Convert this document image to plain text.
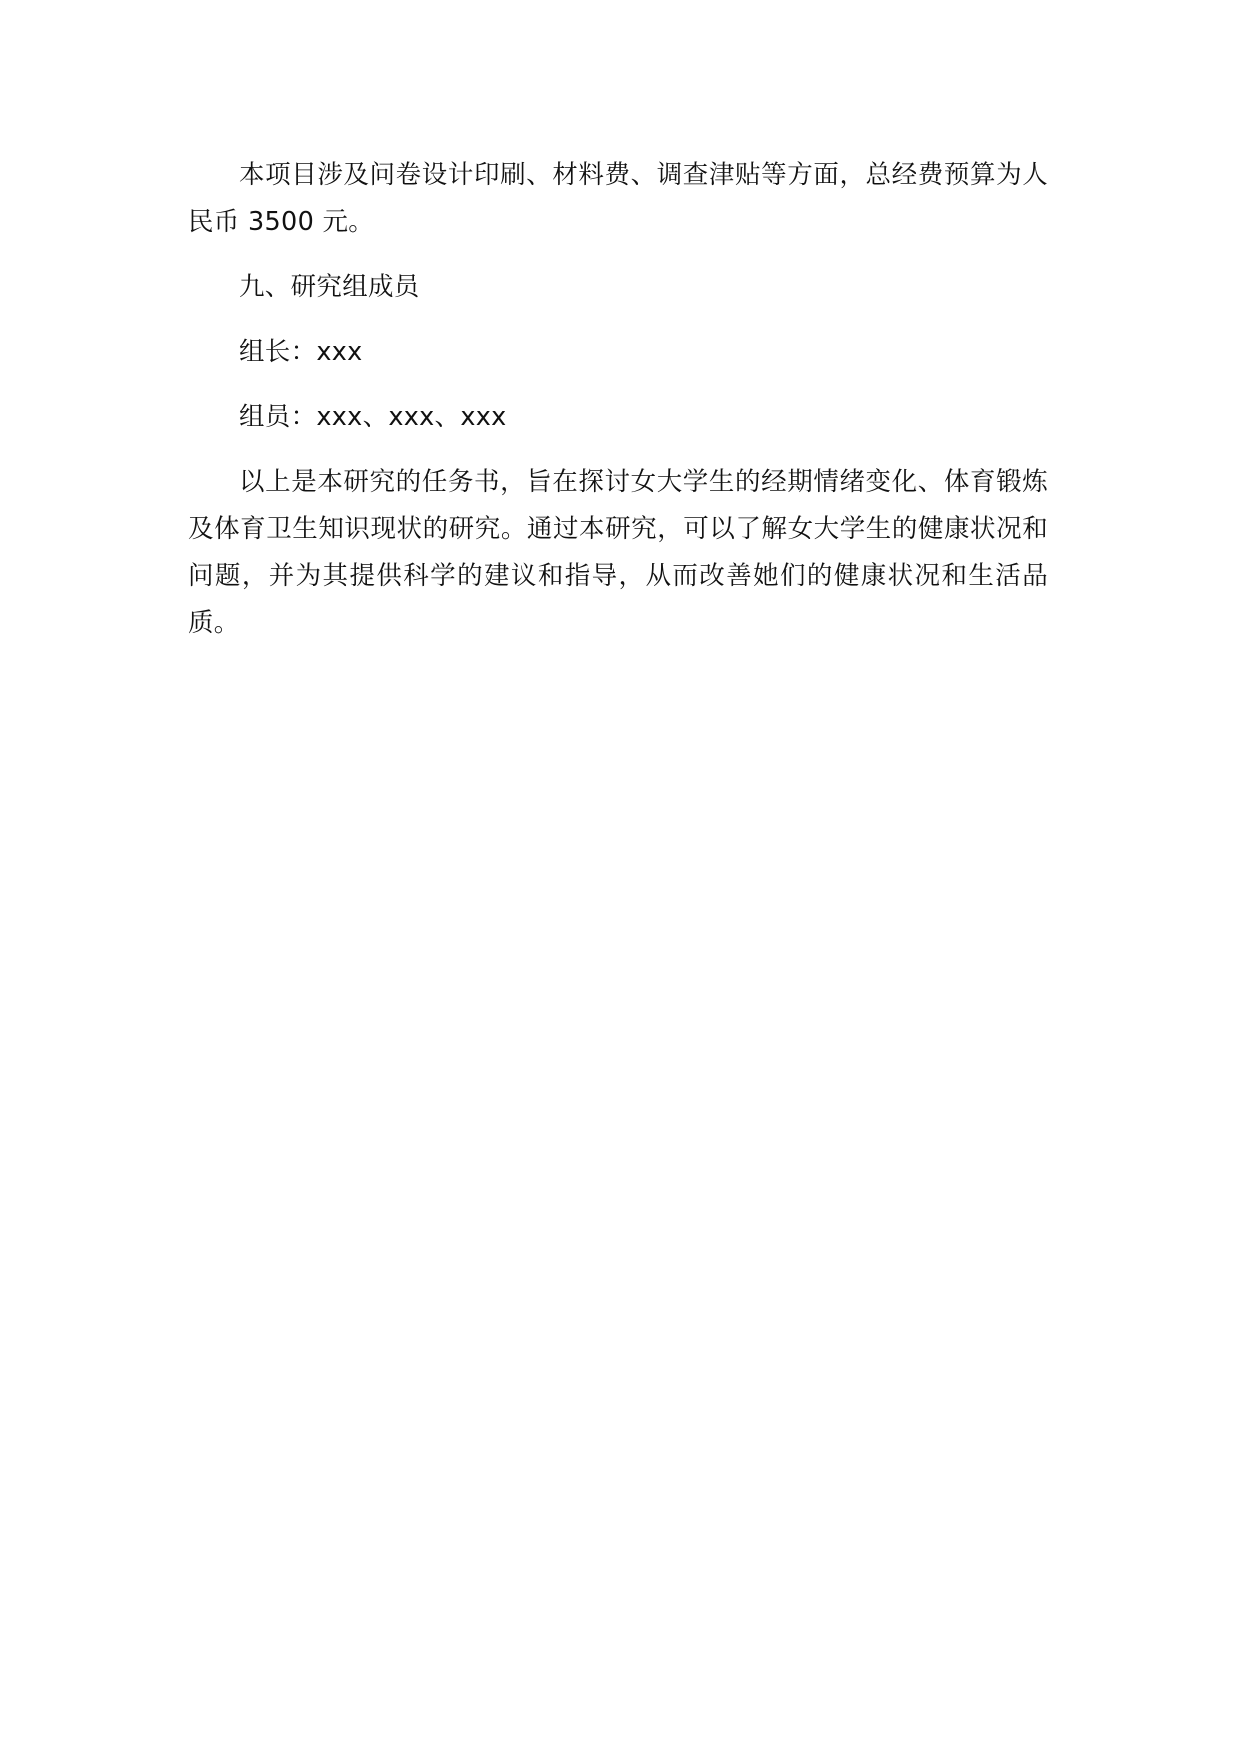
本项目涉及问卷设计印刷、材料费、调查津贴等方面，总经费预算为人民币 3500 元。

九、研究组成员

组长：xxx

组员：xxx、xxx、xxx

以上是本研究的任务书，旨在探讨女大学生的经期情绪变化、体育锻炼及体育卫生知识现状的研究。通过本研究，可以了解女大学生的健康状况和问题，并为其提供科学的建议和指导，从而改善她们的健康状况和生活品质。
